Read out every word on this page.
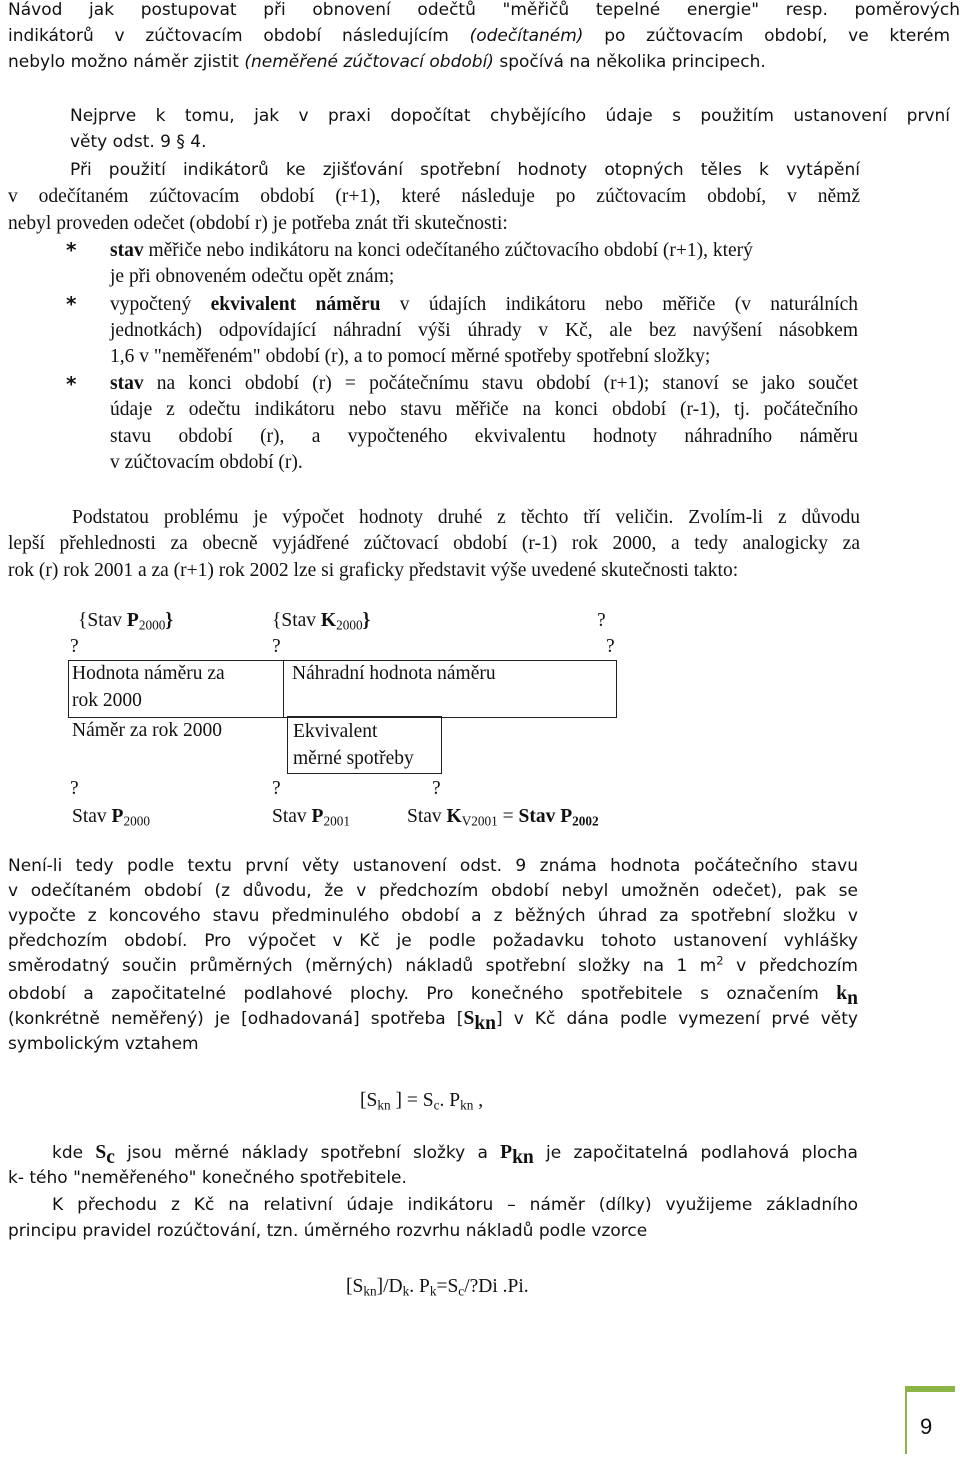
Návod jak postupovat při obnovení odečtů "měřičů tepelné energie" resp. poměrových
indikátorů v zúčtovacím období následujícím (odečítaném) po zúčtovacím období, ve kterém
nebylo možno náměr zjistit (neměřené zúčtovací období) spočívá na několika principech.
Nejprve k tomu, jak v praxi dopočítat chybějícího údaje s použitím ustanovení první
věty odst. 9 § 4.
Při použití indikátorů ke zjišťování spotřební hodnoty otopných těles k vytápění
v odečítaném zúčtovacím období (r+1), které následuje po zúčtovacím období, v němž
nebyl proveden odečet (období r) je potřeba znát tři skutečnosti:
* stav měřiče nebo indikátoru na konci odečítaného zúčtovacího období (r+1), který
je při obnoveném odečtu opět znám;
* vypočtený ekvivalent náměru v údajích indikátoru nebo měřiče (v naturálních
jednotkách) odpovídající náhradní výši úhrady v Kč, ale bez navýšení násobkem
1,6 v "neměřeném" období (r), a to pomocí měrné spotřeby spotřební složky;
* stav na konci období (r) = počátečnímu stavu období (r+1); stanoví se jako součet
údaje z odečtu indikátoru nebo stavu měřiče na konci období (r-1), tj. počátečního
stavu období (r), a vypočteného ekvivalentu hodnoty náhradního náměru
v zúčtovacím období (r).
Podstatou problému je výpočet hodnoty druhé z těchto tří veličin. Zvolím-li z důvodu
lepší přehlednosti za obecně vyjádřené zúčtovací období (r-1) rok 2000, a tedy analogicky za
rok (r) rok 2001 a za (r+1) rok 2002 lze si graficky představit výše uvedené skutečnosti takto:
{Stav $P_{2000}$}	{Stav $K_{2000}$}	?
?	?	?
Hodnota náměru za
rok 2000
Náhradní hodnota náměru
Náměr za rok 2000	Ekvivalent
měrné spotřeby
?	?	?
Stav $P_{2000}$	Stav $P_{2001}$	Stav $K_{V2001}$ = Stav $P_{2002}$
Není-li tedy podle textu první věty ustanovení odst. 9 známa hodnota počátečního stavu
v odečítaném období (z důvodu, že v předchozím období nebyl umožněn odečet), pak se
vypočte z koncového stavu předminulého období a z běžných úhrad za spotřební složku v
předchozím období. Pro výpočet v Kč je podle požadavku tohoto ustanovení vyhlášky
směrodatný součin průměrných (měrných) nákladů spotřební složky na 1 $m^2$ v předchozím
období a započitatelné podlahové plochy. Pro konečného spotřebitele s označením $k_n$
(konkrétně neměřený) je [odhadovaná] spotřeba $[S_{kn}]$ v Kč dána podle vymezení prvé věty
symbolickým vztahem
[$S_{kn}$ ] = $S_c$. $P_{kn}$ ,
kde $S_c$ jsou měrné náklady spotřební složky a $P_{kn}$ je započitatelná podlahová plocha
k- tého "neměřeného" konečného spotřebitele.
K přechodu z Kč na relativní údaje indikátoru – náměr (dílky) využijeme základního
principu pravidel rozúčtování, tzn. úměrného rozvrhu nákladů podle vzorce
$[S_{kn}]/D_k$. $P_k=S_c/?Di$ .Pi.
9
